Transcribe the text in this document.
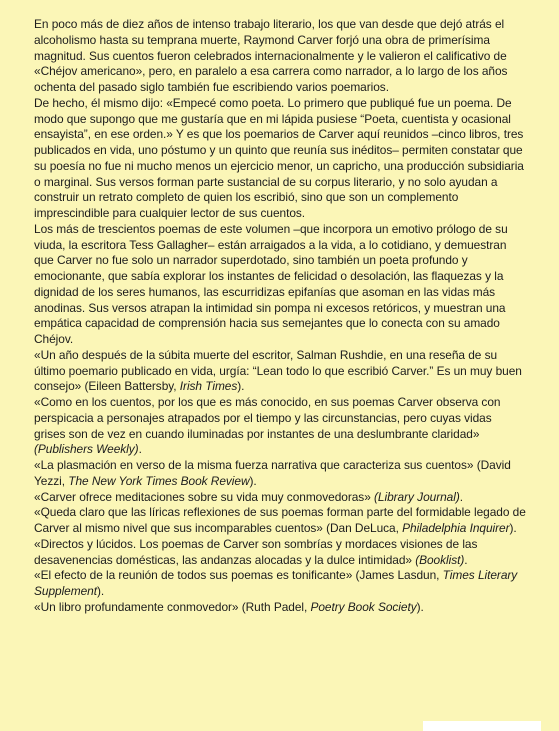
En poco más de diez años de intenso trabajo literario, los que van desde que dejó atrás el alcoholismo hasta su temprana muerte, Raymond Carver forjó una obra de primerísima magnitud. Sus cuentos fueron celebrados internacionalmente y le valieron el calificativo de «Chéjov americano», pero, en paralelo a esa carrera como narrador, a lo largo de los años ochenta del pasado siglo también fue escribiendo varios poemarios.

De hecho, él mismo dijo: «Empecé como poeta. Lo primero que publiqué fue un poema. De modo que supongo que me gustaría que en mi lápida pusiese “Poeta, cuentista y ocasional ensayista”, en ese orden.» Y es que los poemarios de Carver aquí reunidos –cinco libros, tres publicados en vida, uno póstumo y un quinto que reunía sus inéditos– permiten constatar que su poesía no fue ni mucho menos un ejercicio menor, un capricho, una producción subsidiaria o marginal. Sus versos forman parte sustancial de su corpus literario, y no solo ayudan a construir un retrato completo de quien los escribió, sino que son un complemento imprescindible para cualquier lector de sus cuentos.

Los más de trescientos poemas de este volumen –que incorpora un emotivo prólogo de su viuda, la escritora Tess Gallagher– están arraigados a la vida, a lo cotidiano, y demuestran que Carver no fue solo un narrador superdotado, sino también un poeta profundo y emocionante, que sabía explorar los instantes de felicidad o desolación, las flaquezas y la dignidad de los seres humanos, las escurridizas epifanías que asoman en las vidas más anodinas. Sus versos atrapan la intimidad sin pompa ni excesos retóricos, y muestran una empática capacidad de comprensión hacia sus semejantes que lo conecta con su amado Chéjov.

«Un año después de la súbita muerte del escritor, Salman Rushdie, en una reseña de su último poemario publicado en vida, urgía: “Lean todo lo que escribió Carver.” Es un muy buen consejo» (Eileen Battersby, Irish Times).

«Como en los cuentos, por los que es más conocido, en sus poemas Carver observa con perspicacia a personajes atrapados por el tiempo y las circunstancias, pero cuyas vidas grises son de vez en cuando iluminadas por instantes de una deslumbrante claridad» (Publishers Weekly).

«La plasmación en verso de la misma fuerza narrativa que caracteriza sus cuentos» (David Yezzi, The New York Times Book Review).

«Carver ofrece meditaciones sobre su vida muy conmovedoras» (Library Journal).

«Queda claro que las líricas reflexiones de sus poemas forman parte del formidable legado de Carver al mismo nivel que sus incomparables cuentos» (Dan DeLuca, Philadelphia Inquirer).

«Directos y lúcidos. Los poemas de Carver son sombrías y mordaces visiones de las desavenencias domésticas, las andanzas alocadas y la dulce intimidad» (Booklist).

«El efecto de la reunión de todos sus poemas es tonificante» (James Lasdun, Times Literary Supplement).

«Un libro profundamente conmovedor» (Ruth Padel, Poetry Book Society).
